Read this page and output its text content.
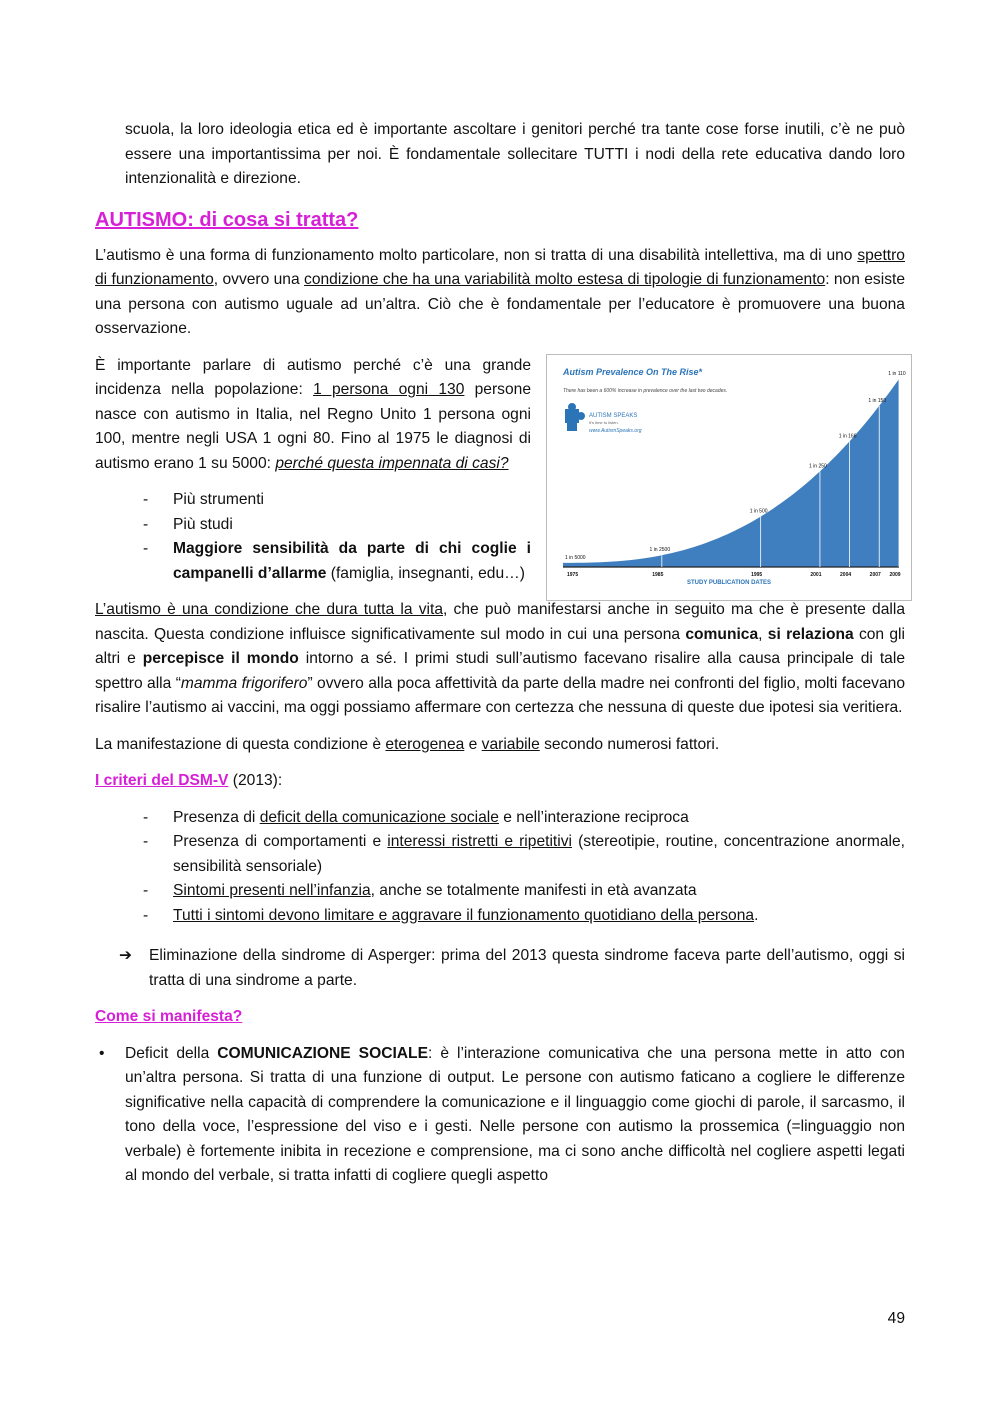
scuola, la loro ideologia etica ed è importante ascoltare i genitori perché tra tante cose forse inutili, c’è ne può essere una importantissima per noi. È fondamentale sollecitare TUTTI i nodi della rete educativa dando loro intenzionalità e direzione.

AUTISMO: di cosa si tratta?

L’autismo è una forma di funzionamento molto particolare, non si tratta di una disabilità intellettiva, ma di uno spettro di funzionamento, ovvero una condizione che ha una variabilità molto estesa di tipologie di funzionamento: non esiste una persona con autismo uguale ad un’altra. Ciò che è fondamentale per l’educatore è promuovere una buona osservazione.

È importante parlare di autismo perché c’è una grande incidenza nella popolazione: 1 persona ogni 130 persone nasce con autismo in Italia, nel Regno Unito 1 persona ogni 100, mentre negli USA 1 ogni 80. Fino al 1975 le diagnosi di autismo erano 1 su 5000: perché questa impennata di casi?

- Più strumenti
- Più studi
- Maggiore sensibilità da parte di chi coglie i campanelli d’allarme (famiglia, insegnanti, edu…)
1 in 5000
1 in 2500
1 in 500
1 in 250
1 in 166
1 in 150
1 in 110
1975	1985	1995	2001	2004	2007 2009
Autism Prevalence On The Rise*
There has been a 600% increase in prevalence over the last two decades.
AUTISM SPEAKS
It's time to listen.
www.AutismSpeaks.org
STUDY PUBLICATION DATES

L’autismo è una condizione che dura tutta la vita, che può manifestarsi anche in seguito ma che è presente dalla nascita. Questa condizione influisce significativamente sul modo in cui una persona comunica, si relaziona con gli altri e percepisce il mondo intorno a sé. I primi studi sull’autismo facevano risalire alla causa principale di tale spettro alla “mamma frigorifero” ovvero alla poca affettività da parte della madre nei confronti del figlio, molti facevano risalire l’autismo ai vaccini, ma oggi possiamo affermare con certezza che nessuna di queste due ipotesi sia veritiera.

La manifestazione di questa condizione è eterogenea e variabile secondo numerosi fattori.

I criteri del DSM-V (2013):

- Presenza di deficit della comunicazione sociale e nell’interazione reciproca
- Presenza di comportamenti e interessi ristretti e ripetitivi (stereotipie, routine, concentrazione anormale, sensibilità sensoriale)
- Sintomi presenti nell’infanzia, anche se totalmente manifesti in età avanzata
- Tutti i sintomi devono limitare e aggravare il funzionamento quotidiano della persona.

➔ Eliminazione della sindrome di Asperger: prima del 2013 questa sindrome faceva parte dell’autismo, oggi si tratta di una sindrome a parte.

Come si manifesta?

• Deficit della COMUNICAZIONE SOCIALE: è l’interazione comunicativa che una persona mette in atto con un’altra persona. Si tratta di una funzione di output. Le persone con autismo faticano a cogliere le differenze significative nella capacità di comprendere la comunicazione e il linguaggio come giochi di parole, il sarcasmo, il tono della voce, l’espressione del viso e i gesti. Nelle persone con autismo la prossemica (=linguaggio non verbale) è fortemente inibita in recezione e comprensione, ma ci sono anche difficoltà nel cogliere aspetti legati al mondo del verbale, si tratta infatti di cogliere quegli aspetto

49
